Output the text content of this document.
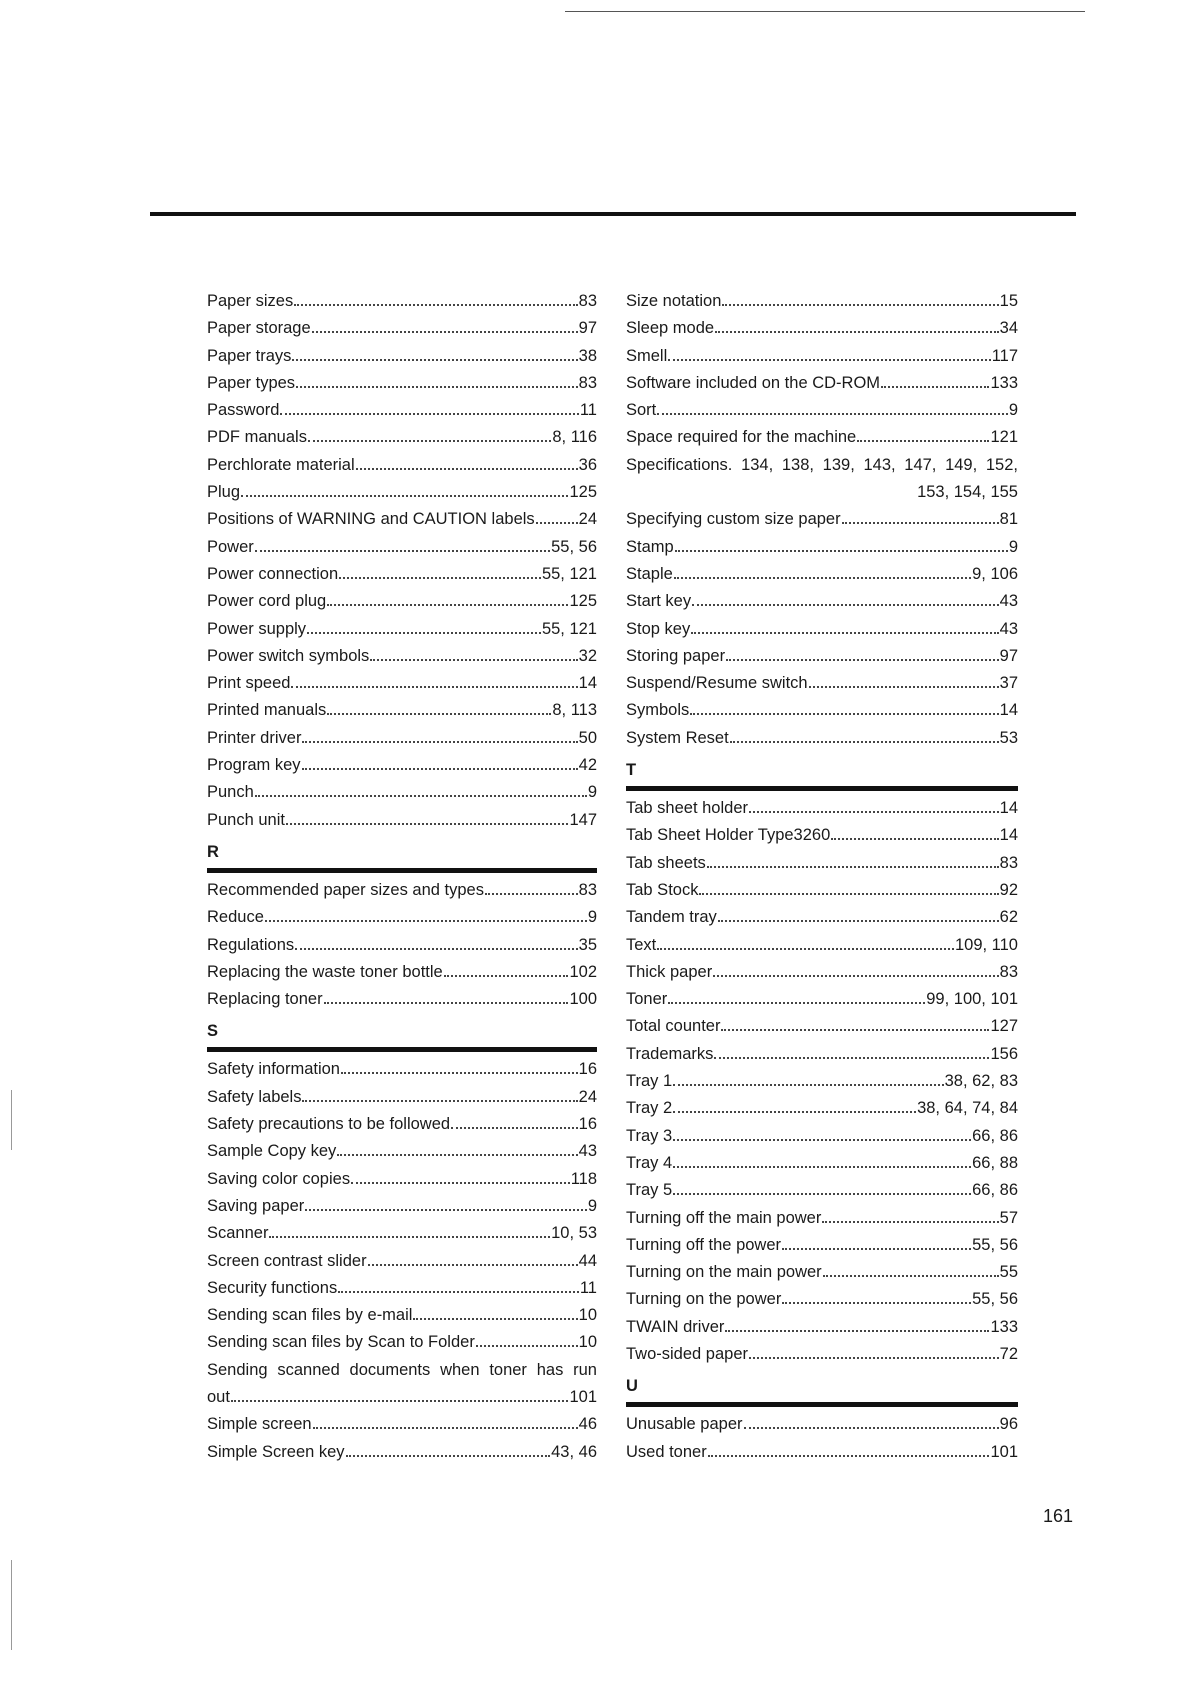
Paper sizes	83
Paper storage	97
Paper trays	38
Paper types	83
Password	11
PDF manuals	8, 116
Perchlorate material	36
Plug	125
Positions of WARNING and CAUTION labels	24
Power	55, 56
Power connection	55, 121
Power cord plug	125
Power supply	55, 121
Power switch symbols	32
Print speed	14
Printed manuals	8, 113
Printer driver	50
Program key	42
Punch	9
Punch unit	147
R
Recommended paper sizes and types	83
Reduce	9
Regulations	35
Replacing the waste toner bottle	102
Replacing toner	100
S
Safety information	16
Safety labels	24
Safety precautions to be followed	16
Sample Copy key	43
Saving color copies	118
Saving paper	9
Scanner	10, 53
Screen contrast slider	44
Security functions	11
Sending scan files by e-mail	10
Sending scan files by Scan to Folder	10
Sending scanned documents when toner has run
out	101
Simple screen	46
Simple Screen key	43, 46
Size notation	15
Sleep mode	34
Smell	117
Software included on the CD-ROM	133
Sort	9
Space required for the machine	121
Specifications. 134, 138, 139, 143, 147, 149, 152,
153, 154, 155
Specifying custom size paper	81
Stamp	9
Staple	9, 106
Start key	43
Stop key	43
Storing paper	97
Suspend/Resume switch	37
Symbols	14
System Reset	53
T
Tab sheet holder	14
Tab Sheet Holder Type3260	14
Tab sheets	83
Tab Stock	92
Tandem tray	62
Text	109, 110
Thick paper	83
Toner	99, 100, 101
Total counter	127
Trademarks	156
Tray 1	38, 62, 83
Tray 2	38, 64, 74, 84
Tray 3	66, 86
Tray 4	66, 88
Tray 5	66, 86
Turning off the main power	57
Turning off the power	55, 56
Turning on the main power	55
Turning on the power	55, 56
TWAIN driver	133
Two-sided paper	72
U
Unusable paper	96
Used toner	101
161
